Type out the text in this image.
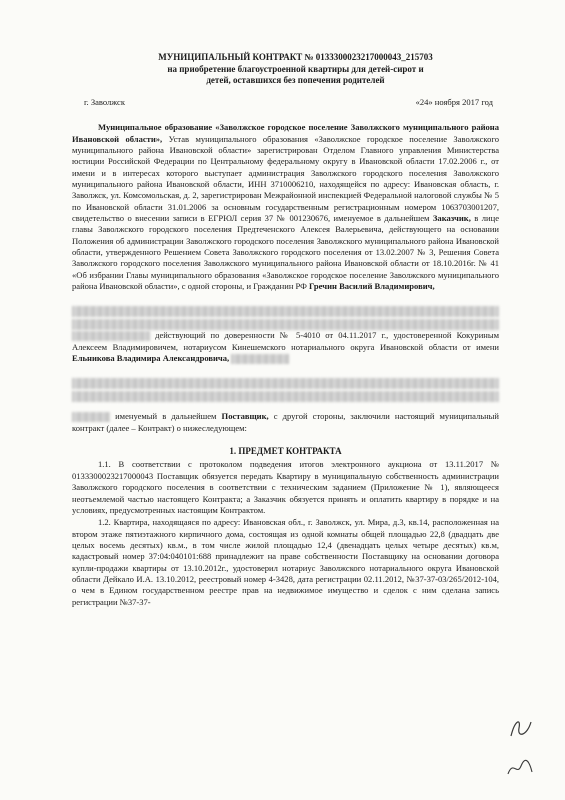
МУНИЦИПАЛЬНЫЙ КОНТРАКТ № 0133300023217000043_215703
на приобретение благоустроенной квартиры для детей-сирот и
детей, оставшихся без попечения родителей
г. Заволжск	«24» ноября 2017 год

Муниципальное образование «Заволжское городское поселение Заволжского муниципального района Ивановской области», Устав муниципального образования «Заволжское городское поселение Заволжского муниципального района Ивановской области» зарегистрирован Отделом Главного управления Министерства юстиции Российской Федерации по Центральному федеральному округу в Ивановской области 17.02.2006 г., от имени и в интересах которого выступает администрация Заволжского городского поселения Заволжского муниципального района Ивановской области, ИНН 3710006210, находящейся по адресу: Ивановская область, г. Заволжск, ул. Комсомольская, д. 2, зарегистрирован Межрайонной инспекцией Федеральной налоговой службы № 5 по Ивановской области 31.01.2006 за основным государственным регистрационным номером 1063703001207, свидетельство о внесении записи в ЕГРЮЛ серия 37 № 001230676, именуемое в дальнейшем Заказчик, в лице главы Заволжского городского поселения Предтеченского Алексея Валерьевича, действующего на основании Положения об администрации Заволжского городского поселения Заволжского муниципального района Ивановской области, утвержденного Решением Совета Заволжского городского поселения от 13.02.2007 № 3, Решения Совета Заволжского городского поселения Заволжского муниципального района Ивановской области от 18.10.2016г. № 41 «Об избрании Главы муниципального образования «Заволжское городское поселение Заволжского муниципального района Ивановской области», с одной стороны, и Гражданин РФ Гречин Василий Владимирович,

действующий по доверенности № 5-4010 от 04.11.2017 г., удостоверенной Кокуриным Алексеем Владимировичем, нотариусом Кинешемского нотариального округа Ивановской области от имени Ельникова Владимира Александровича,

именуемый в дальнейшем Поставщик, с другой стороны, заключили настоящий муниципальный контракт (далее – Контракт) о нижеследующем:

1. ПРЕДМЕТ КОНТРАКТА

1.1. В соответствии с протоколом подведения итогов электронного аукциона от 13.11.2017 № 0133300023217000043 Поставщик обязуется передать Квартиру в муниципальную собственность администрации Заволжского городского поселения в соответствии с техническим заданием (Приложение № 1), являющееся неотъемлемой частью настоящего Контракта; а Заказчик обязуется принять и оплатить квартиру в порядке и на условиях, предусмотренных настоящим Контрактом.

1.2. Квартира, находящаяся по адресу: Ивановская обл., г. Заволжск, ул. Мира, д.3, кв.14, расположенная на втором этаже пятиэтажного кирпичного дома, состоящая из одной комнаты общей площадью 22,8 (двадцать две целых восемь десятых) кв.м., в том числе жилой площадью 12,4 (двенадцать целых четыре десятых) кв.м, кадастровый номер 37:04:040101:688 принадлежит на праве собственности Поставщику на основании договора купли-продажи квартиры от 13.10.2012г., удостоверил нотариус Заволжского нотариального округа Ивановской области Дейкало И.А. 13.10.2012, реестровый номер 4-3428, дата регистрации 02.11.2012, №37-37-03/265/2012-104, о чем в Едином государственном реестре прав на недвижимое имущество и сделок с ним сделана запись регистрации №37-37-
